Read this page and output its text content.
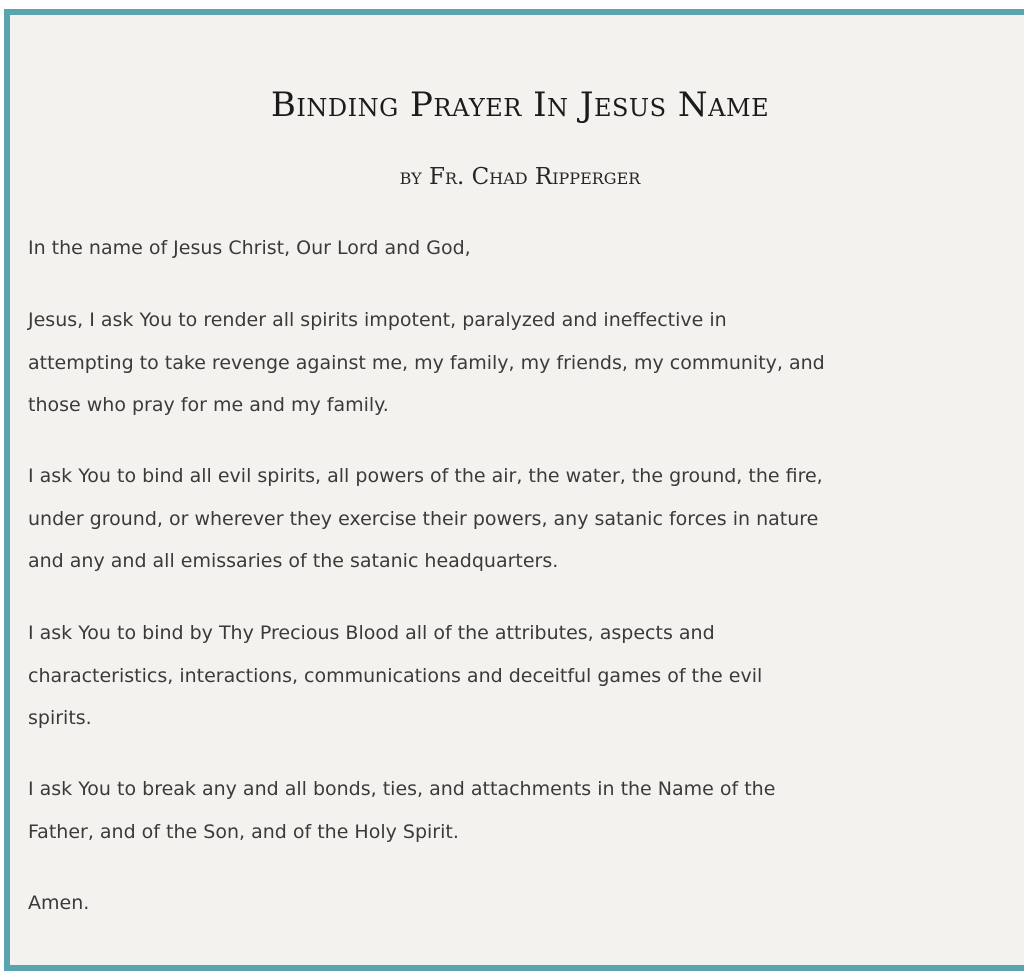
Binding Prayer In Jesus Name

by Fr. Chad Ripperger

In the name of Jesus Christ, Our Lord and God,

Jesus, I ask You to render all spirits impotent, paralyzed and ineffective in
attempting to take revenge against me, my family, my friends, my community, and
those who pray for me and my family.

I ask You to bind all evil spirits, all powers of the air, the water, the ground, the fire,
under ground, or wherever they exercise their powers, any satanic forces in nature
and any and all emissaries of the satanic headquarters.

I ask You to bind by Thy Precious Blood all of the attributes, aspects and
characteristics, interactions, communications and deceitful games of the evil
spirits.

I ask You to break any and all bonds, ties, and attachments in the Name of the
Father, and of the Son, and of the Holy Spirit.

Amen.
